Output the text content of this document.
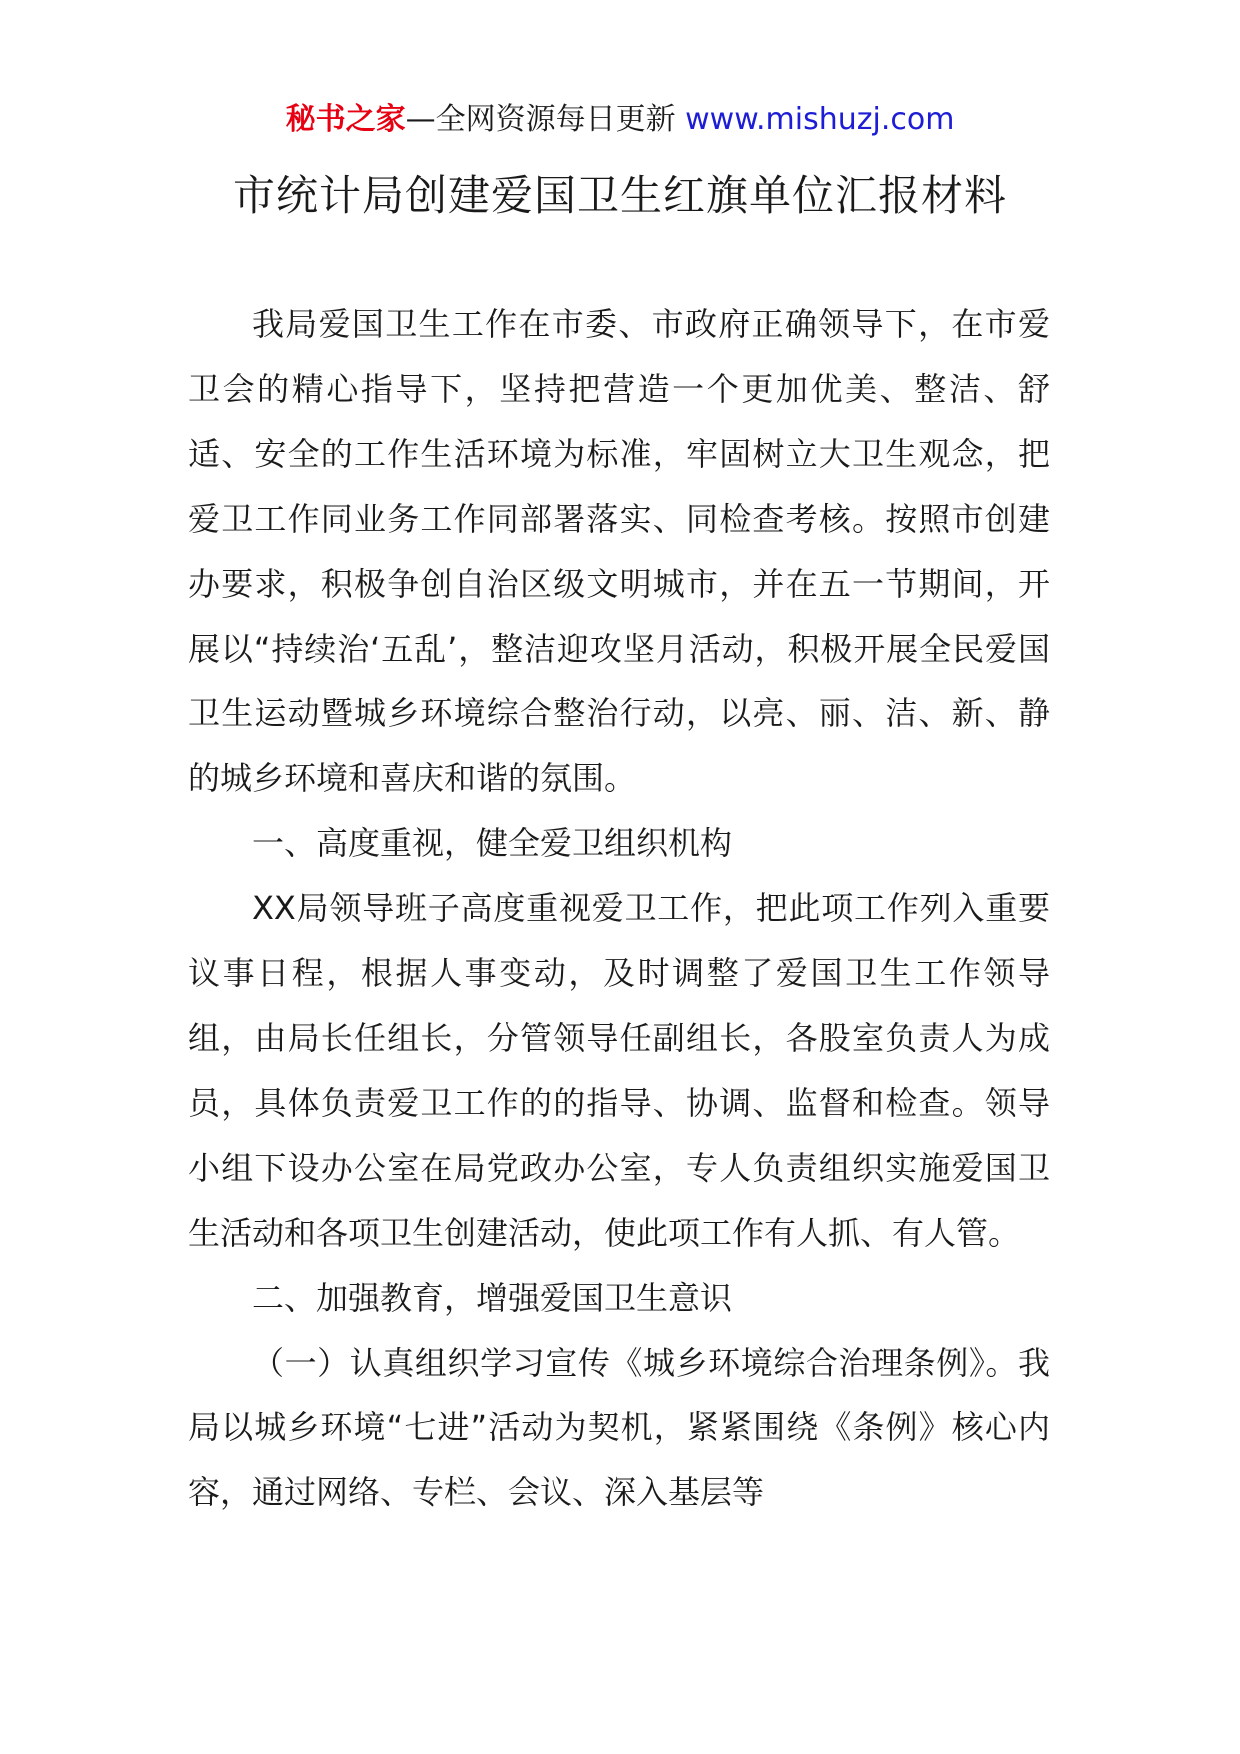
秘书之家—全网资源每日更新 www.mishuzj.com
市统计局创建爱国卫生红旗单位汇报材料

我局爱国卫生工作在市委、市政府正确领导下，在市爱卫会的精心指导下，坚持把营造一个更加优美、整洁、舒适、安全的工作生活环境为标准，牢固树立大卫生观念，把爱卫工作同业务工作同部署落实、同检查考核。按照市创建办要求，积极争创自治区级文明城市，并在五一节期间，开展以“持续治‘五乱’，整洁迎攻坚月活动，积极开展全民爱国卫生运动暨城乡环境综合整治行动，以亮、丽、洁、新、静的城乡环境和喜庆和谐的氛围。

一、高度重视，健全爱卫组织机构

XX局领导班子高度重视爱卫工作，把此项工作列入重要议事日程，根据人事变动，及时调整了爱国卫生工作领导组，由局长任组长，分管领导任副组长，各股室负责人为成员，具体负责爱卫工作的的指导、协调、监督和检查。领导小组下设办公室在局党政办公室，专人负责组织实施爱国卫生活动和各项卫生创建活动，使此项工作有人抓、有人管。

二、加强教育，增强爱国卫生意识

（一）认真组织学习宣传《城乡环境综合治理条例》。我局以城乡环境“七进”活动为契机，紧紧围绕《条例》核心内容，通过网络、专栏、会议、深入基层等
